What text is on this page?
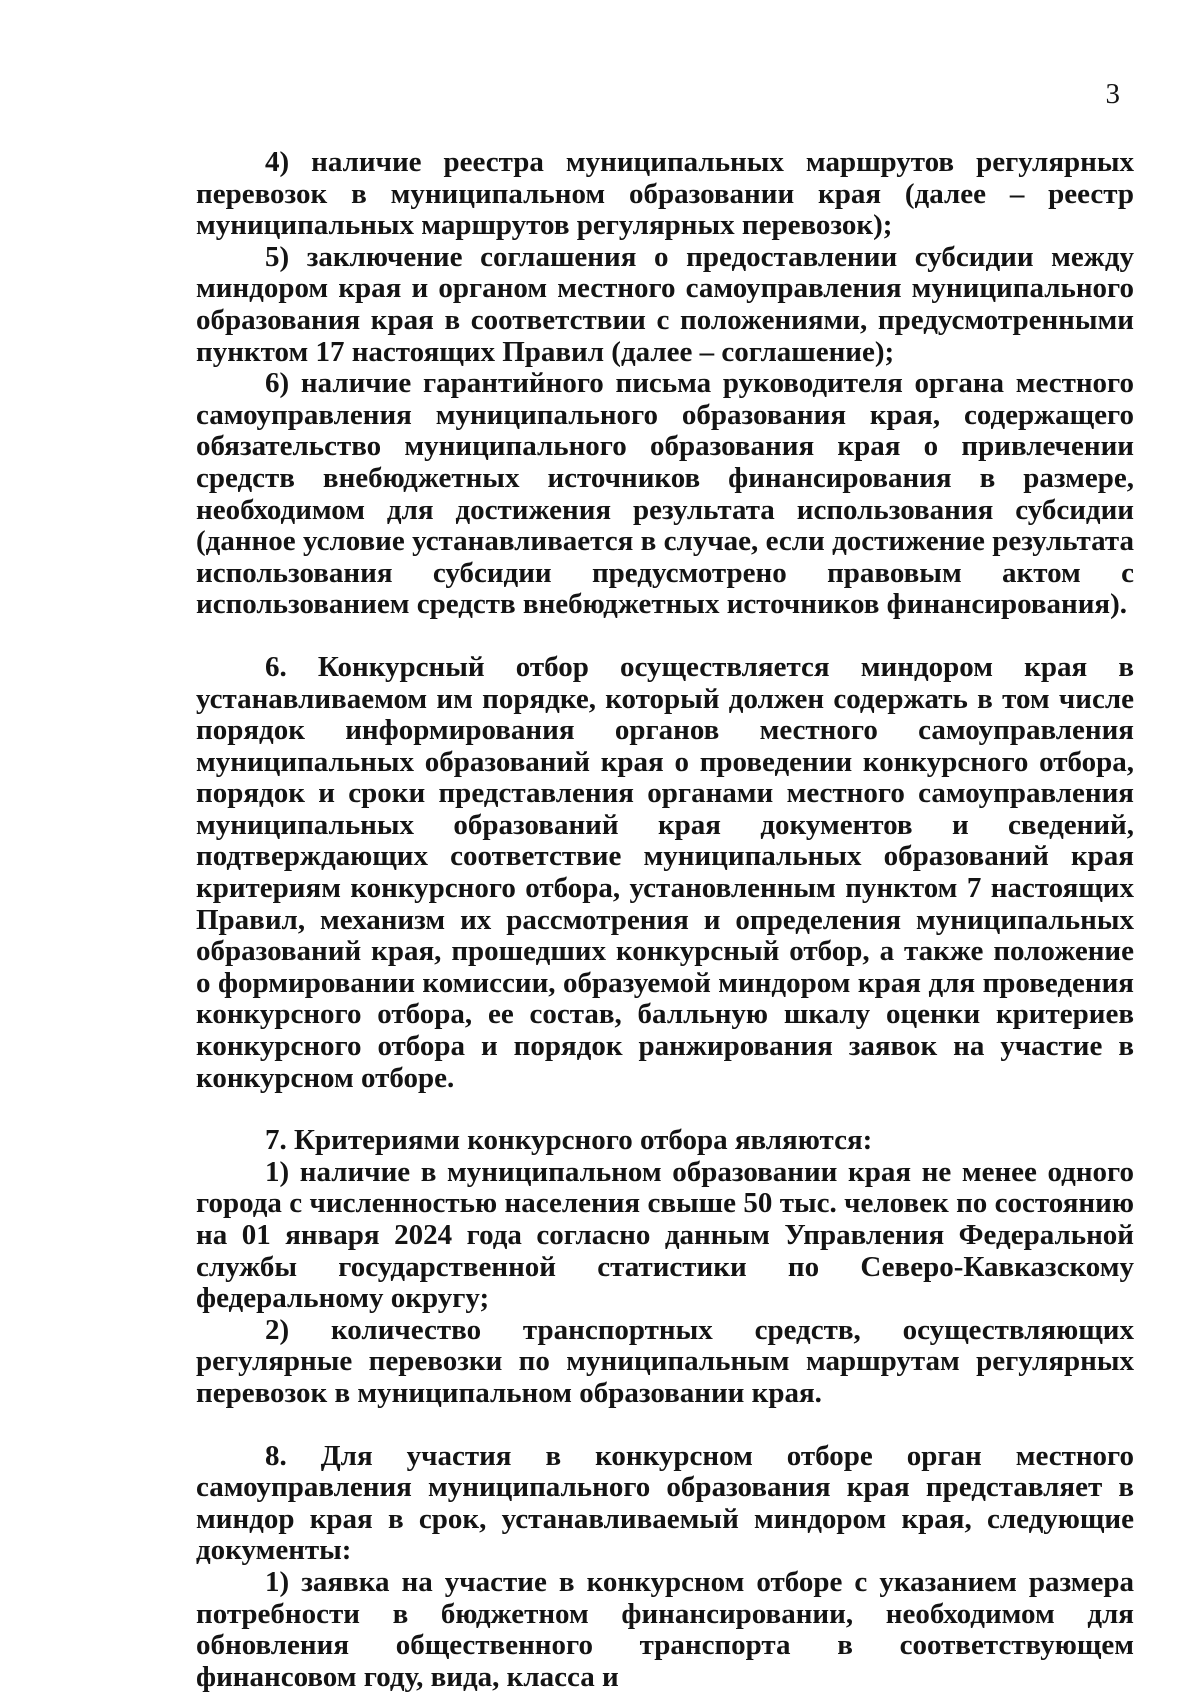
3

4) наличие реестра муниципальных маршрутов регулярных перевозок в муниципальном образовании края (далее – реестр муниципальных маршрутов регулярных перевозок);

5) заключение соглашения о предоставлении субсидии между миндором края и органом местного самоуправления муниципального образования края в соответствии с положениями, предусмотренными пунктом 17 настоящих Правил (далее – соглашение);

6) наличие гарантийного письма руководителя органа местного самоуправления муниципального образования края, содержащего обязательство муниципального образования края о привлечении средств внебюджетных источников финансирования в размере, необходимом для достижения результата использования субсидии (данное условие устанавливается в случае, если достижение результата использования субсидии предусмотрено правовым актом с использованием средств внебюджетных источников финансирования).

6. Конкурсный отбор осуществляется миндором края в устанавливаемом им порядке, который должен содержать в том числе порядок информирования органов местного самоуправления муниципальных образований края о проведении конкурсного отбора, порядок и сроки представления органами местного самоуправления муниципальных образований края документов и сведений, подтверждающих соответствие муниципальных образований края критериям конкурсного отбора, установленным пунктом 7 настоящих Правил, механизм их рассмотрения и определения муниципальных образований края, прошедших конкурсный отбор, а также положение о формировании комиссии, образуемой миндором края для проведения конкурсного отбора, ее состав, балльную шкалу оценки критериев конкурсного отбора и порядок ранжирования заявок на участие в конкурсном отборе.

7. Критериями конкурсного отбора являются:

1) наличие в муниципальном образовании края не менее одного города с численностью населения свыше 50 тыс. человек по состоянию на 01 января 2024 года согласно данным Управления Федеральной службы государственной статистики по Северо-Кавказскому федеральному округу;

2) количество транспортных средств, осуществляющих регулярные перевозки по муниципальным маршрутам регулярных перевозок в муниципальном образовании края.

8. Для участия в конкурсном отборе орган местного самоуправления муниципального образования края представляет в миндор края в срок, устанавливаемый миндором края, следующие документы:

1) заявка на участие в конкурсном отборе с указанием размера потребности в бюджетном финансировании, необходимом для обновления общественного транспорта в соответствующем финансовом году, вида, класса и
